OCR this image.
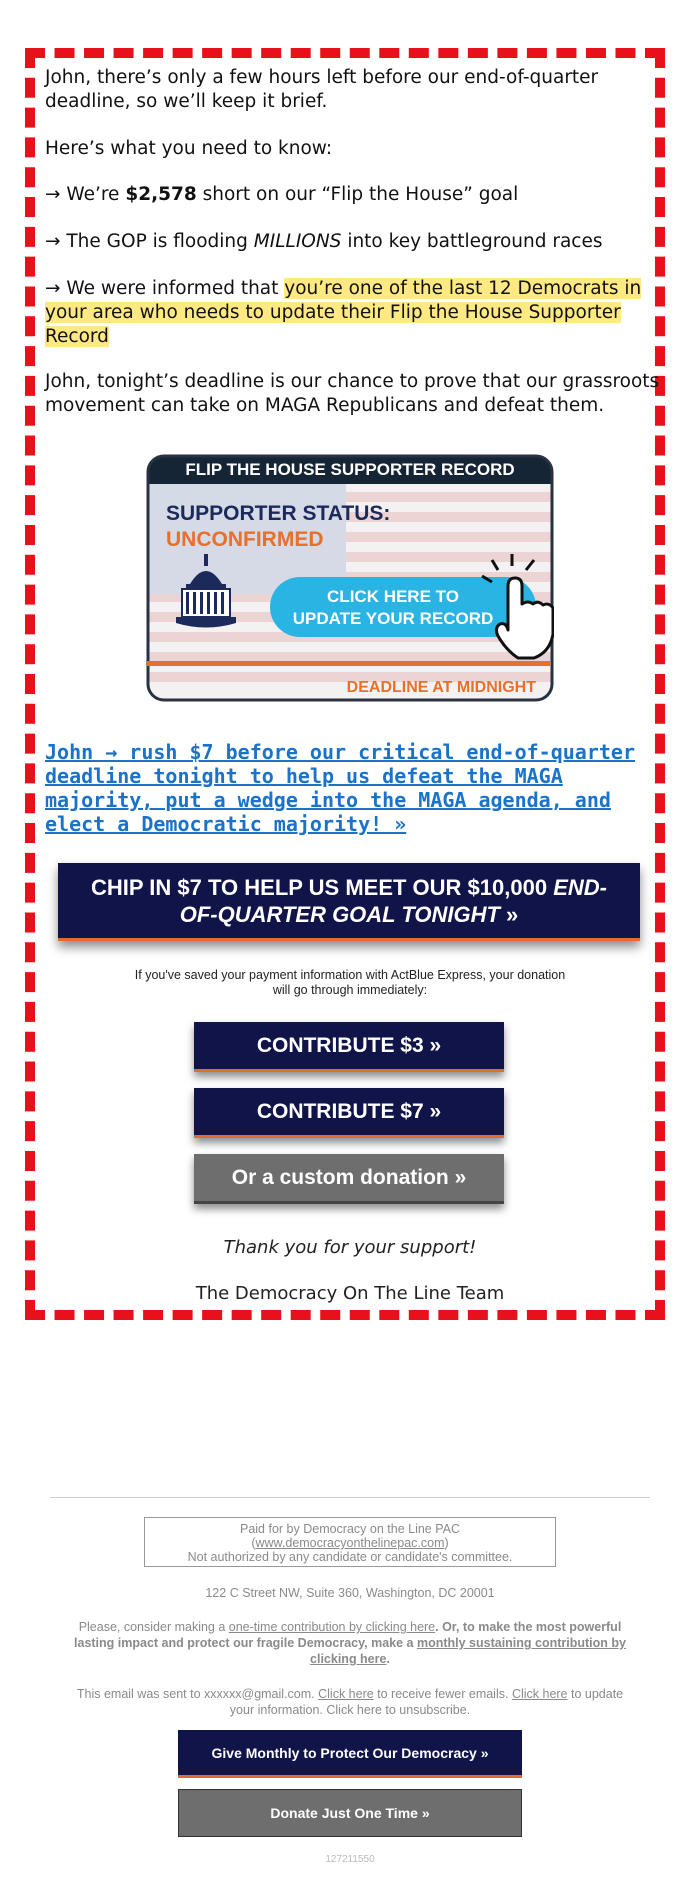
John, there’s only a few hours left before our end-of-quarter deadline, so we’ll keep it brief.

Here’s what you need to know:

→ We’re $2,578 short on our “Flip the House” goal

→ The GOP is flooding MILLIONS into key battleground races

→ We were informed that you’re one of the last 12 Democrats in your area who needs to update their Flip the House Supporter Record

John, tonight’s deadline is our chance to prove that our grassroots movement can take on MAGA Republicans and defeat them.

FLIP THE HOUSE SUPPORTER RECORD
SUPPORTER STATUS:
UNCONFIRMED
CLICK HERE TO
UPDATE YOUR RECORD
DEADLINE AT MIDNIGHT
John → rush $7 before our critical end-of-quarter deadline tonight to help us defeat the MAGA majority, put a wedge into the MAGA agenda, and elect a Democratic majority! »
CHIP IN $7 TO HELP US MEET OUR $10,000 END-OF-QUARTER GOAL TONIGHT »
If you've saved your payment information with ActBlue Express, your donation will go through immediately:
CONTRIBUTE $3 »
CONTRIBUTE $7 »
Or a custom donation »
Thank you for your support!
The Democracy On The Line Team
Paid for by Democracy on the Line PAC
(www.democracyonthelinepac.com)
Not authorized by any candidate or candidate's committee.
122 C Street NW, Suite 360, Washington, DC 20001
Please, consider making a one-time contribution by clicking here. Or, to make the most powerful lasting impact and protect our fragile Democracy, make a monthly sustaining contribution by clicking here.
This email was sent to xxxxxx@gmail.com. Click here to receive fewer emails. Click here to update your information. Click here to unsubscribe.
Give Monthly to Protect Our Democracy »
Donate Just One Time »
127211550
